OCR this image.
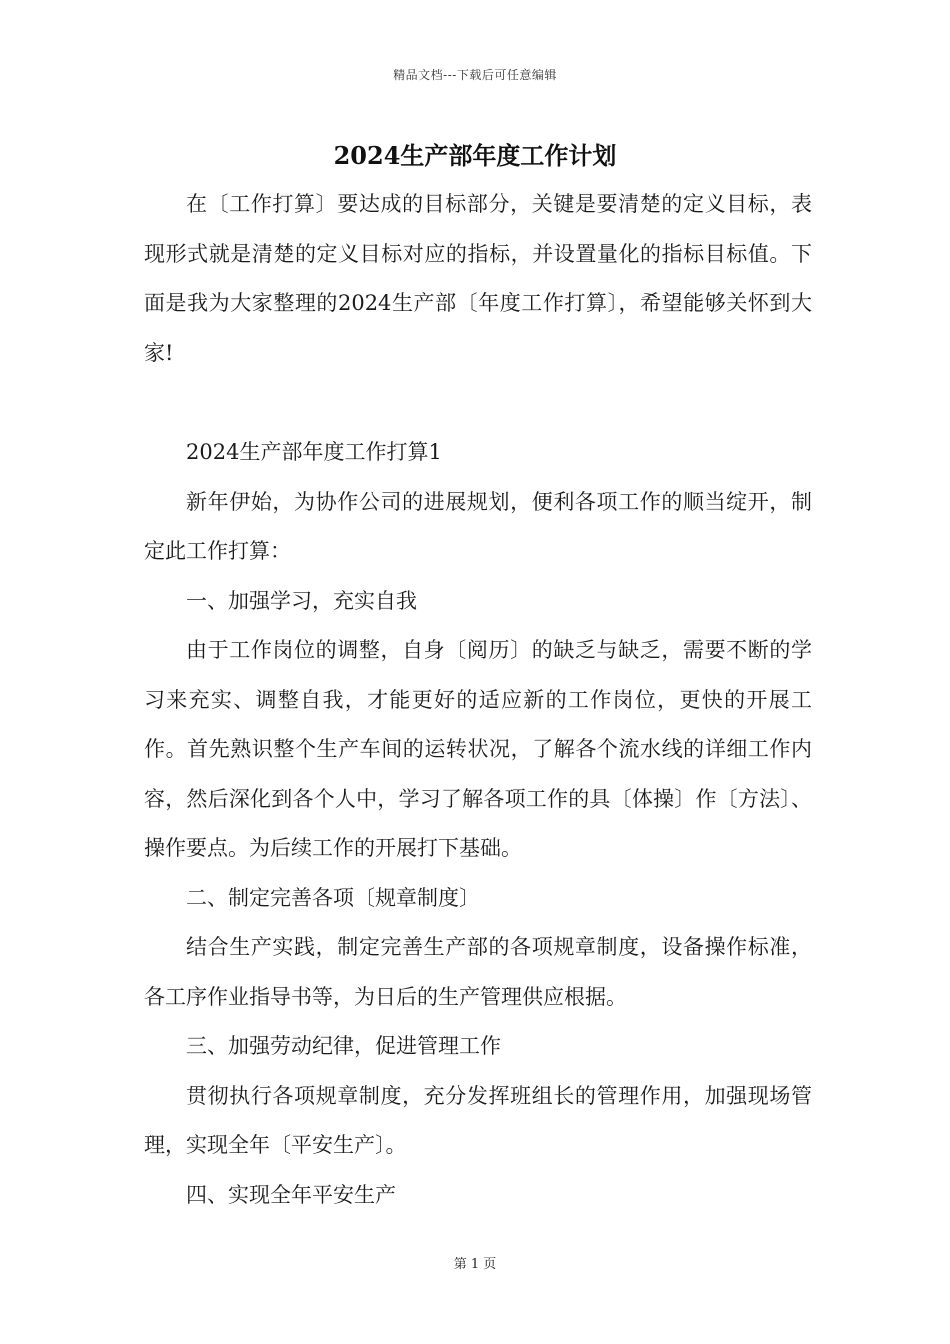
精品文档---下载后可任意编辑
2024生产部年度工作计划

在〔工作打算〕要达成的目标部分，关键是要清楚的定义目标，表现形式就是清楚的定义目标对应的指标，并设置量化的指标目标值。下面是我为大家整理的2024生产部〔年度工作打算〕，希望能够关怀到大家!

2024生产部年度工作打算1

新年伊始，为协作公司的进展规划，便利各项工作的顺当绽开，制定此工作打算：

一、加强学习，充实自我

由于工作岗位的调整，自身〔阅历〕的缺乏与缺乏，需要不断的学习来充实、调整自我，才能更好的适应新的工作岗位，更快的开展工作。首先熟识整个生产车间的运转状况，了解各个流水线的详细工作内容，然后深化到各个人中，学习了解各项工作的具〔体操〕作〔方法〕、操作要点。为后续工作的开展打下基础。

二、制定完善各项〔规章制度〕

结合生产实践，制定完善生产部的各项规章制度，设备操作标准，各工序作业指导书等，为日后的生产管理供应根据。

三、加强劳动纪律，促进管理工作

贯彻执行各项规章制度，充分发挥班组长的管理作用，加强现场管理，实现全年〔平安生产〕。

四、实现全年平安生产

第 1 页
